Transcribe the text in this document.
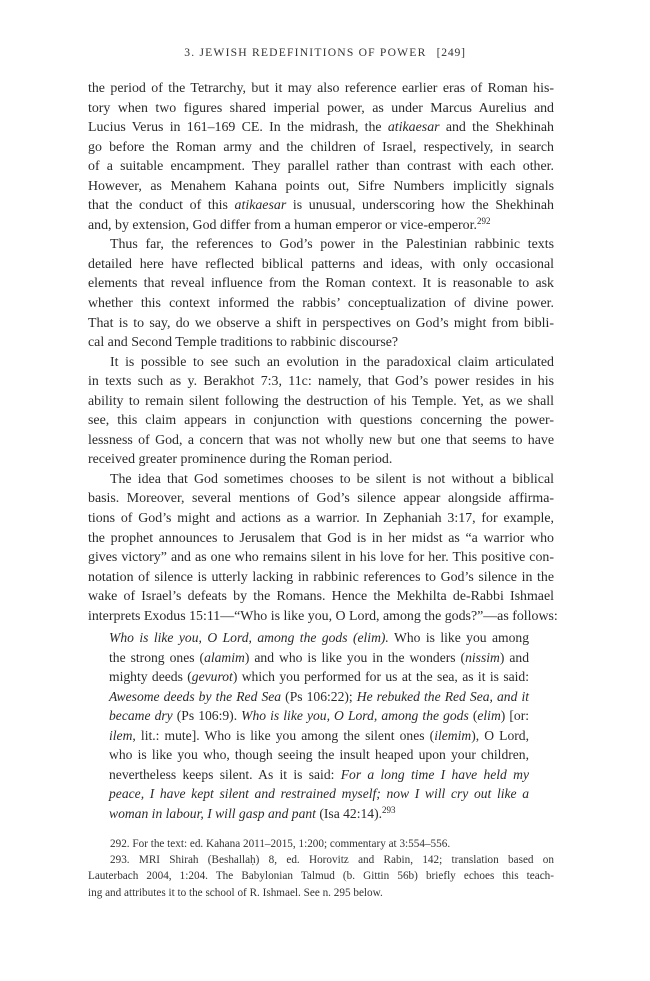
3. JEWISH REDEFINITIONS OF POWER [249]
the period of the Tetrarchy, but it may also reference earlier eras of Roman his-
tory when two figures shared imperial power, as under Marcus Aurelius and
Lucius Verus in 161–169 CE. In the midrash, the atikaesar and the Shekhinah
go before the Roman army and the children of Israel, respectively, in search
of a suitable encampment. They parallel rather than contrast with each other.
However, as Menahem Kahana points out, Sifre Numbers implicitly signals
that the conduct of this atikaesar is unusual, underscoring how the Shekhinah
and, by extension, God differ from a human emperor or vice-emperor.$^{292}$
Thus far, the references to God’s power in the Palestinian rabbinic texts
detailed here have reflected biblical patterns and ideas, with only occasional
elements that reveal influence from the Roman context. It is reasonable to ask
whether this context informed the rabbis’ conceptualization of divine power.
That is to say, do we observe a shift in perspectives on God’s might from bibli-
cal and Second Temple traditions to rabbinic discourse?
It is possible to see such an evolution in the paradoxical claim articulated
in texts such as y. Berakhot 7:3, 11c: namely, that God’s power resides in his
ability to remain silent following the destruction of his Temple. Yet, as we shall
see, this claim appears in conjunction with questions concerning the power-
lessness of God, a concern that was not wholly new but one that seems to have
received greater prominence during the Roman period.
The idea that God sometimes chooses to be silent is not without a biblical
basis. Moreover, several mentions of God’s silence appear alongside affirma-
tions of God’s might and actions as a warrior. In Zephaniah 3:17, for example,
the prophet announces to Jerusalem that God is in her midst as “a warrior who
gives victory” and as one who remains silent in his love for her. This positive con-
notation of silence is utterly lacking in rabbinic references to God’s silence in the
wake of Israel’s defeats by the Romans. Hence the Mekhilta de-Rabbi Ishmael
interprets Exodus 15:11—“Who is like you, O Lord, among the gods?”—as follows:
Who is like you, O Lord, among the gods (elim). Who is like you among
the strong ones (alamim) and who is like you in the wonders (nissim) and
mighty deeds (gevurot) which you performed for us at the sea, as it is said:
Awesome deeds by the Red Sea (Ps 106:22); He rebuked the Red Sea, and it
became dry (Ps 106:9). Who is like you, O Lord, among the gods (elim) [or:
ilem, lit.: mute]. Who is like you among the silent ones (ilemim), O Lord,
who is like you who, though seeing the insult heaped upon your children,
nevertheless keeps silent. As it is said: For a long time I have held my
peace, I have kept silent and restrained myself; now I will cry out like a
woman in labour, I will gasp and pant (Isa 42:14).$^{293}$
292. For the text: ed. Kahana 2011–2015, 1:200; commentary at 3:554–556.
293. MRI Shirah (Beshallaḥ) 8, ed. Horovitz and Rabin, 142; translation based on
Lauterbach 2004, 1:204. The Babylonian Talmud (b. Gittin 56b) briefly echoes this teach-
ing and attributes it to the school of R. Ishmael. See n. 295 below.
